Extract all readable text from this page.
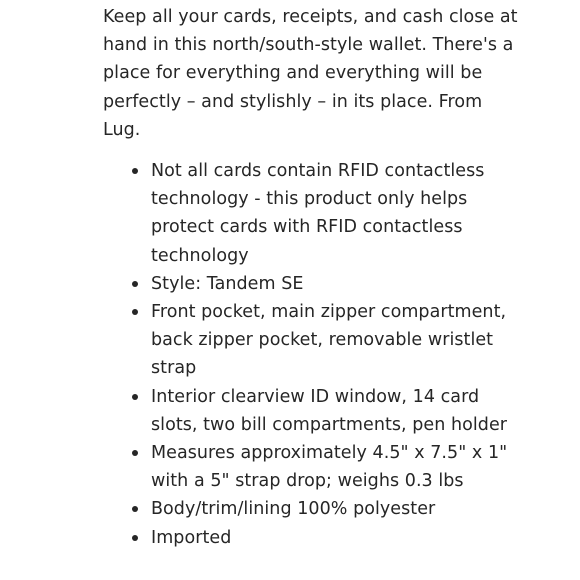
Keep all your cards, receipts, and cash close at hand in this north/south-style wallet. There's a place for everything and everything will be perfectly – and stylishly – in its place. From Lug.

Not all cards contain RFID contactless technology - this product only helps protect cards with RFID contactless technology
Style: Tandem SE
Front pocket, main zipper compartment, back zipper pocket, removable wristlet strap
Interior clearview ID window, 14 card slots, two bill compartments, pen holder
Measures approximately 4.5" x 7.5" x 1" with a 5" strap drop; weighs 0.3 lbs
Body/trim/lining 100% polyester
Imported
